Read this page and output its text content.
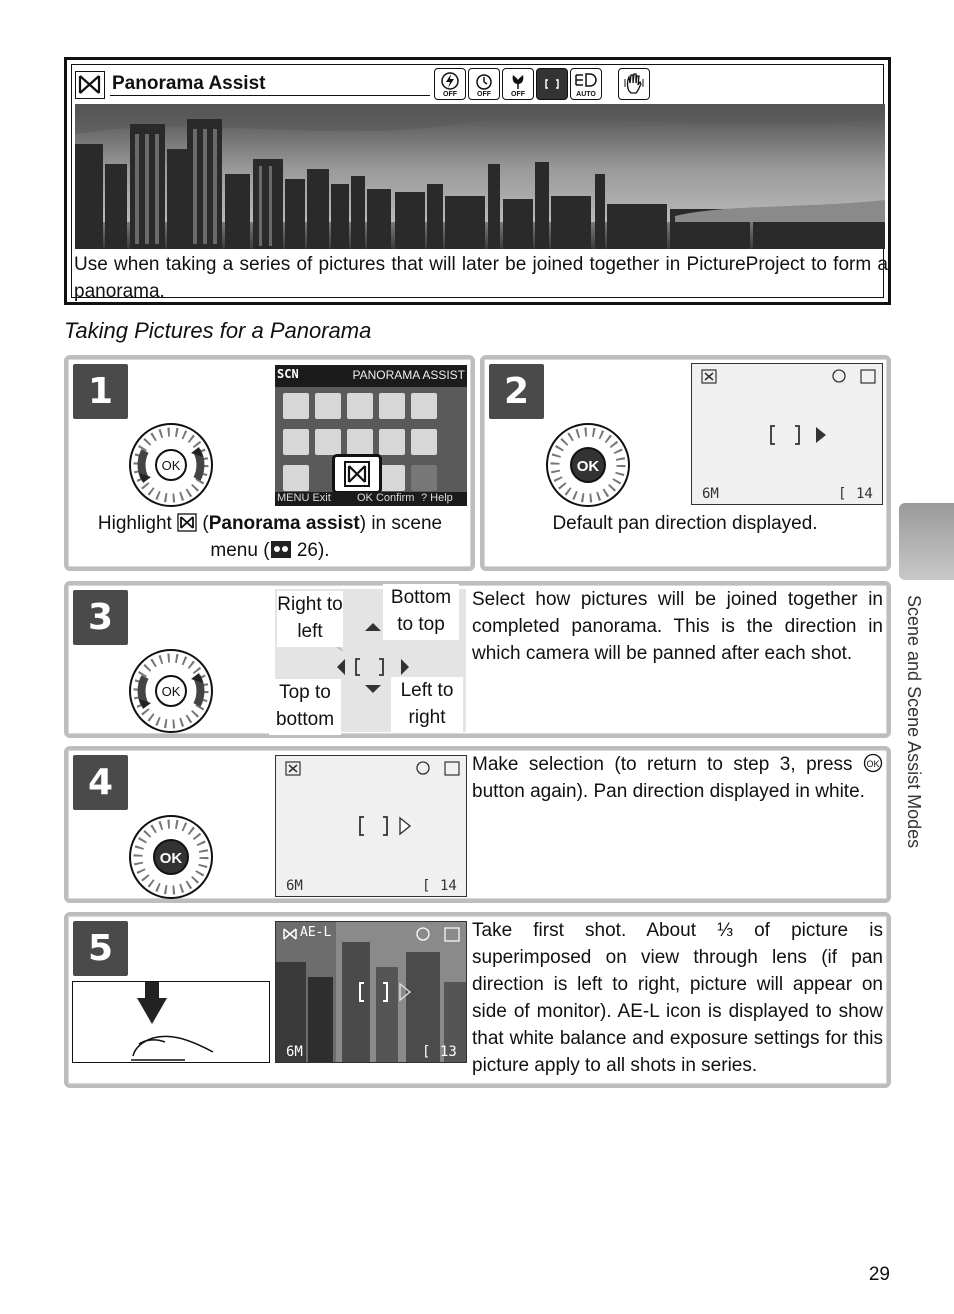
Panorama Assist
OFF	OFF	OFF	AUTO
Use when taking a series of pictures that will later be joined together in PictureProject to form a panorama.
Taking Pictures for a Panorama
1
OK
SCN	PANORAMA ASSIST
MENU Exit OK Confirm ? Help
Highlight  (Panorama assist) in scene menu ( 26).
2
OK
6M	[ 14
Default pan direction displayed.
3
OK
Right to left
Bottom to top
Top to bottom
Left to right
Select how pictures will be joined together in completed panorama. This is the direction in which camera will be panned after each shot.
4
OK
6M	[ 14
Make selection (to return to step 3, press OK
button again). Pan direction displayed in white.
5	AE-L
6M	[ 13
Take first shot. About ⅓ of picture is superimposed on view through lens (if pan direction is left to right, picture will appear on side of monitor). AE-L icon is displayed to show that white balance and exposure settings for this picture apply to all shots in series.
Scene and Scene Assist Modes
29
